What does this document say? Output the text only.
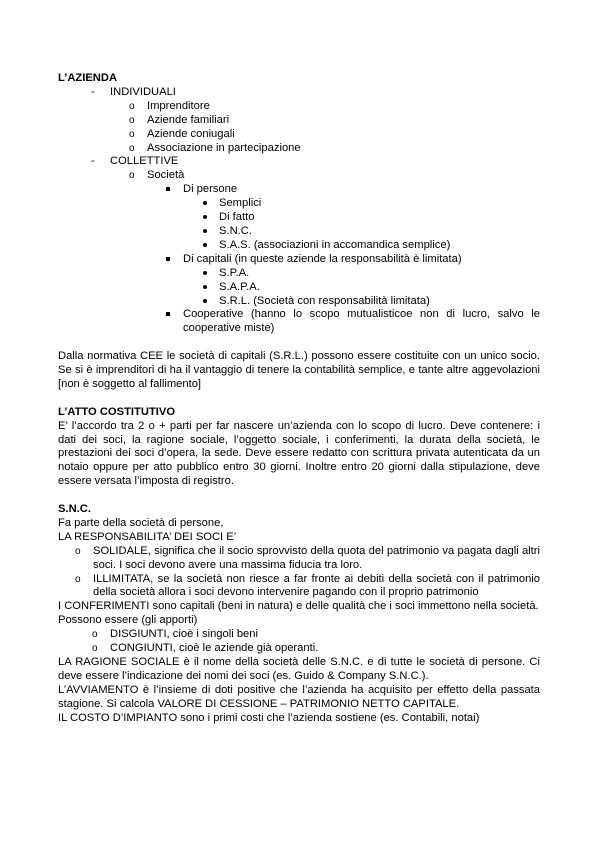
L’AZIENDA
- INDIVIDUALI
o Imprenditore
o Aziende familiari
o Aziende coniugali
o Associazione in partecipazione
- COLLETTIVE
o Società
Di persone
Semplici
Di fatto
S.N.C.
S.A.S. (associazioni in accomandica semplice)
Di capitali (in queste aziende la responsabilità è limitata)
S.P.A.
S.A.P.A.
S.R.L. (Società con responsabilità limitata)
Cooperative (hanno lo scopo mutualisticoe non di lucro, salvo le cooperative miste)
Dalla normativa CEE le società di capitali (S.R.L.) possono essere costituite con un unico socio. Se si è imprenditori di ha il vantaggio di tenere la contabilità semplice, e tante altre aggevolazioni [non è soggetto al fallimento]
L’ATTO COSTITUTIVO
E’ l’accordo tra 2 o + parti per far nascere un’azienda con lo scopo di lucro. Deve contenere: i dati dei soci, la ragione sociale, l’oggetto sociale, i conferimenti, la durata della società, le prestazioni dei soci d’opera, la sede. Deve essere redatto con scrittura privata autenticata da un notaio oppure per atto pubblico entro 30 giorni. Inoltre entro 20 giorni dalla stipulazione, deve essere versata l’imposta di registro.
S.N.C.
Fa parte della società di persone,
LA RESPONSABILITA’ DEI SOCI E’
o SOLIDALE, significa che il socio sprovvisto della quota del patrimonio va pagata dagli altri soci. I soci devono avere una massima fiducia tra loro.
o ILLIMITATA, se la società non riesce a far fronte ai debiti della società con il patrimonio della società allora i soci devono intervenire pagando con il proprio patrimonio
I CONFERIMENTI sono capitali (beni in natura) e delle qualità che i soci immettono nella società.
Possono essere (gli apporti)
o DISGIUNTI, cioè i singoli beni
o CONGIUNTI, cioè le aziende già operanti.
LA RAGIONE SOCIALE è il nome della società delle S.N.C. e di tutte le società di persone. Ci deve essere l’indicazione dei nomi dei soci (es. Guido & Company S.N.C.).
L’AVVIAMENTO è l’insieme di doti positive che l’azienda ha acquisito per effetto della passata stagione. Si calcola VALORE DI CESSIONE – PATRIMONIO NETTO CAPITALE.
IL COSTO D’IMPIANTO sono i primi costi che l’azienda sostiene (es. Contabili, notai)
